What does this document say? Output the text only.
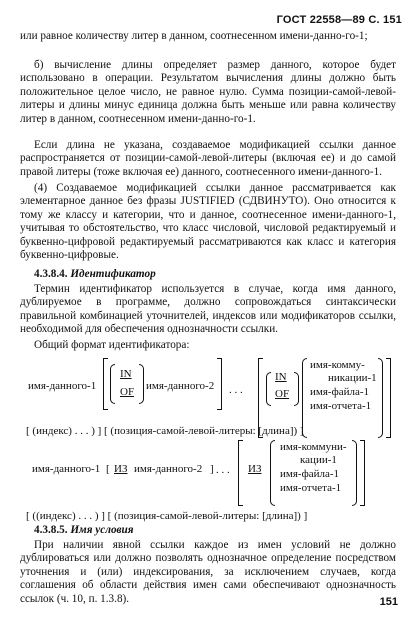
ГОСТ 22558—89 С. 151

или равное количеству литер в данном, соотнесенном имени-данно-го-1;

б) вычисление длины определяет размер данного, которое будет использовано в операции. Результатом вычисления длины должно быть положительное целое число, не равное нулю. Сумма позиции-самой-левой-литеры и длины минус единица должна быть меньше или равна количеству литер в данном, соотнесенном имени-данно-го-1.

Если длина не указана, создаваемое модификацией ссылки данное распространяется от позиции-самой-левой-литеры (включая ее) и до самой правой литеры (тоже включая ее) данного, соотнесенного имени-данного-1.

(4) Создаваемое модификацией ссылки данное рассматривается как элементарное данное без фразы JUSTIFIED (СДВИНУТО). Оно относится к тому же классу и категории, что и данное, соотнесенное имени-данного-1, учитывая то обстоятельство, что класс числовой, числовой редактируемый и буквенно-цифровой редактируемый рассматриваются как класс и категория буквенно-цифровые.

4.3.8.4. Идентификатор

Термин идентификатор используется в случае, когда имя данного, дублируемое в программе, должно сопровождаться синтаксически правильной комбинацией уточнителей, индексов или модификаторов ссылки, необходимой для обеспечения однозначности ссылки.

Общий формат идентификатора:

имя-данного-1
IN
OF имя-данного-2 . . .
IN
OF
имя-комму-
никации-1
имя-файла-1
имя-отчета-1
[ (индекс) . . . ) ] [ (позиция-самой-левой-литеры: [длина]) ]
имя-данного-1 [ ИЗ имя-данного-2 ] . . . ИЗ
имя-коммуни-
кации-1
имя-файла-1
имя-отчета-1
[ ((индекс) . . . ) ] [ (позиция-самой-левой-литеры: [длина]) ]

4.3.8.5. Имя условия

При наличии явной ссылки каждое из имен условий не должно дублироваться или должно позволять однозначное определение посредством уточнения и (или) индексирования, за исключением случаев, когда соглашения об области действия имен сами обеспечивают однозначность ссылок (ч. 10, п. 1.3.8).	151
